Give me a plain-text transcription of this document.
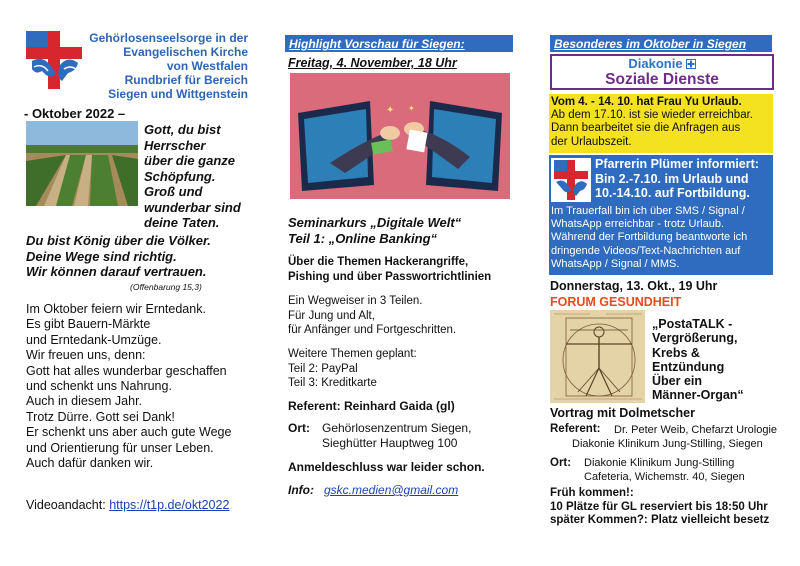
Gehörlosenseelsorge in der
Evangelischen Kirche
von Westfalen
Rundbrief für Bereich
Siegen und Wittgenstein
- Oktober 2022 –
Gott, du bist
Herrscher
über die ganze
Schöpfung.
Groß und
wunderbar sind
deine Taten.
Du bist König über die Völker.
Deine Wege sind richtig.
Wir können darauf vertrauen.
(Offenbarung 15,3)
Im Oktober feiern wir Erntedank.
Es gibt Bauern-Märkte
und Erntedank-Umzüge.
Wir freuen uns, denn:
Gott hat alles wunderbar geschaffen
und schenkt uns Nahrung.
Auch in diesem Jahr.
Trotz Dürre. Gott sei Dank!
Er schenkt uns aber auch gute Wege
und Orientierung für unser Leben.
Auch dafür danken wir.
Videoandacht: https://t1p.de/okt2022
Highlight Vorschau für Siegen:
Freitag, 4. November, 18 Uhr
✦ ✦
Seminarkurs „Digitale Welt“
Teil 1: „Online Banking“
Über die Themen Hackerangriffe,
Pishing und über Passwortrichtlinien
Ein Wegweiser in 3 Teilen.
Für Jung und Alt,
für Anfänger und Fortgeschritten.
Weitere Themen geplant:
Teil 2: PayPal
Teil 3: Kreditkarte
Referent: Reinhard Gaida (gl)
Ort: Gehörlosenzentrum Siegen,
Sieghütter Hauptweg 100
Anmeldeschluss war leider schon.
Info: gskc.medien@gmail.com
Besonderes im Oktober in Siegen
Diakonie
Soziale Dienste
Vom 4. - 14. 10. hat Frau Yu Urlaub.
Ab dem 17.10. ist sie wieder erreichbar.
Dann bearbeitet sie die Anfragen aus
der Urlaubszeit.
Pfarrerin Plümer informiert:
Bin 2.-7.10. im Urlaub und
10.-14.10. auf Fortbildung.
Im Trauerfall bin ich über SMS / Signal /
WhatsApp erreichbar - trotz Urlaub.
Während der Fortbildung beantworte ich
dringende Videos/Text-Nachrichten auf
WhatsApp / Signal / MMS.
Donnerstag, 13. Okt., 19 Uhr
FORUM GESUNDHEIT
„PostaTALK -
Vergrößerung,
Krebs &
Entzündung
Über ein
Männer-Organ“
Vortrag mit Dolmetscher
Referent: Dr. Peter Weib, Chefarzt Urologie
Diakonie Klinikum Jung-Stilling, Siegen
Ort: Diakonie Klinikum Jung-Stilling
Cafeteria, Wichemstr. 40, Siegen
Früh kommen!:
10 Plätze für GL reserviert bis 18:50 Uhr
später Kommen?: Platz vielleicht besetz
